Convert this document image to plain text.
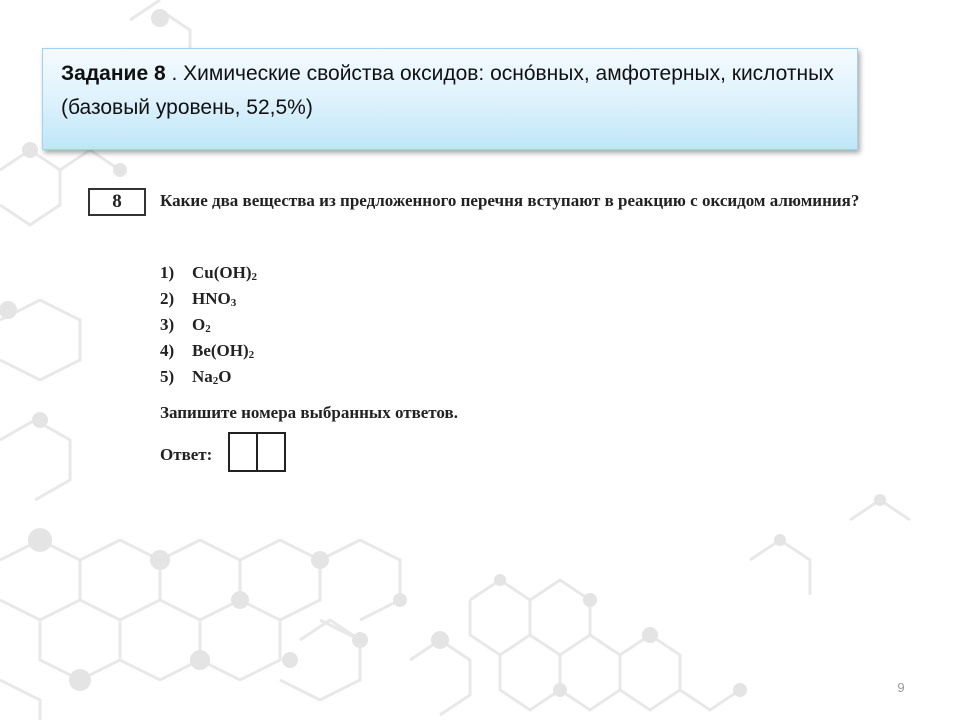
Задание 8 . Химические свойства оксидов: осно́вных, амфотерных, кислотных (базовый уровень, 52,5%)
8	Какие два вещества из предложенного перечня вступают в реакцию с оксидом алюминия?
1) $Cu(OH)_2$
2) $HNO_3$
3) $O_2$
4) $Be(OH)_2$
5) $Na_2O$
Запишите номера выбранных ответов.
Ответ:
9
